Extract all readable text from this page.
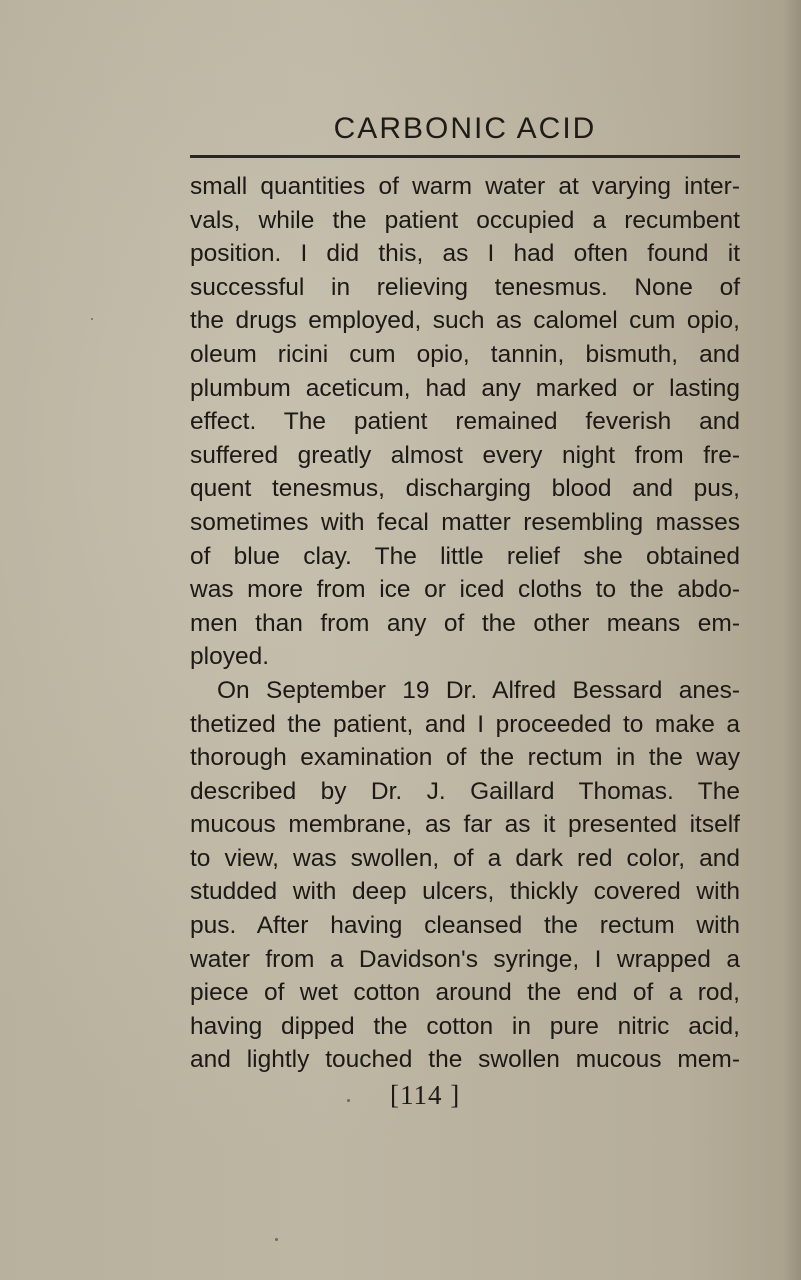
CARBONIC ACID
small quantities of warm water at varying inter-
vals, while the patient occupied a recumbent
position. I did this, as I had often found it
successful in relieving tenesmus. None of
the drugs employed, such as calomel cum opio,
oleum ricini cum opio, tannin, bismuth, and
plumbum aceticum, had any marked or lasting
effect. The patient remained feverish and
suffered greatly almost every night from fre-
quent tenesmus, discharging blood and pus,
sometimes with fecal matter resembling masses
of blue clay. The little relief she obtained
was more from ice or iced cloths to the abdo-
men than from any of the other means em-
ployed.
On September 19 Dr. Alfred Bessard anes-
thetized the patient, and I proceeded to make a
thorough examination of the rectum in the way
described by Dr. J. Gaillard Thomas. The
mucous membrane, as far as it presented itself
to view, was swollen, of a dark red color, and
studded with deep ulcers, thickly covered with
pus. After having cleansed the rectum with
water from a Davidson's syringe, I wrapped a
piece of wet cotton around the end of a rod,
having dipped the cotton in pure nitric acid,
and lightly touched the swollen mucous mem-
[114 ]
